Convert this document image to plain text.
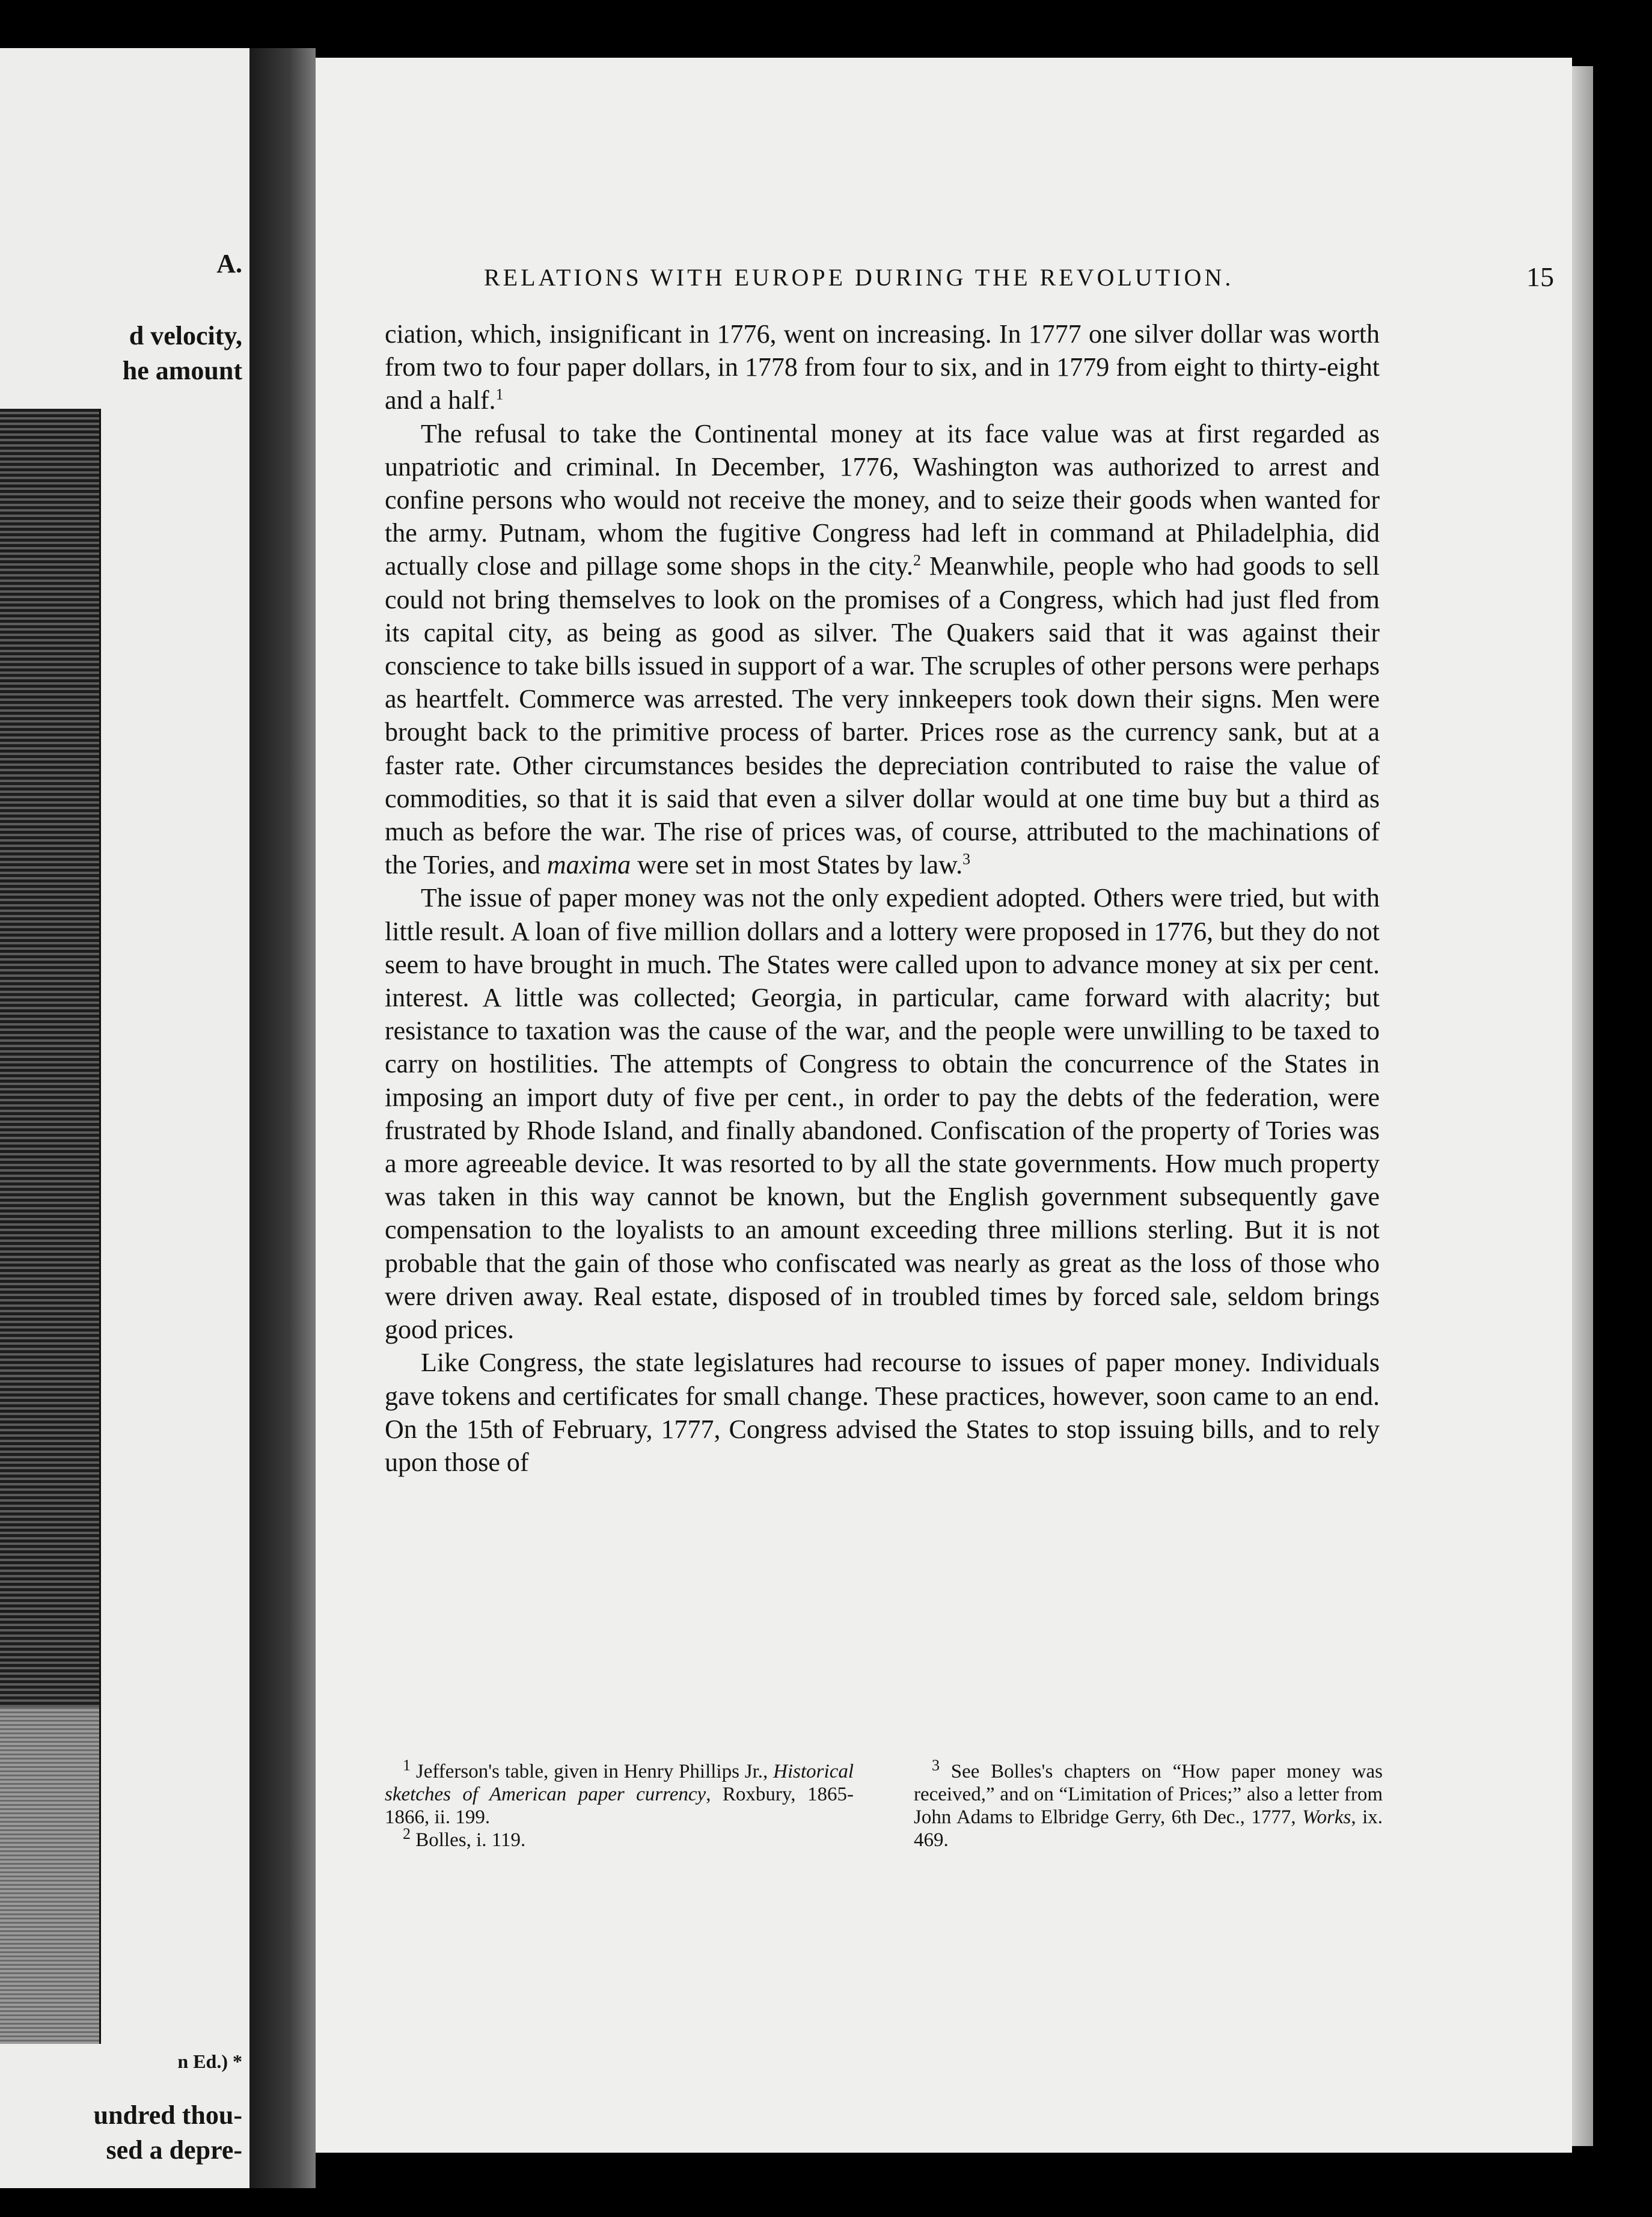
A.
d velocity,
he amount
n Ed.) *
undred thou-
sed a depre-
RELATIONS WITH EUROPE DURING THE REVOLUTION.	15

ciation, which, insignificant in 1776, went on increasing. In 1777 one silver dollar was worth from two to four paper dollars, in 1778 from four to six, and in 1779 from eight to thirty-eight and a half.$^1$

The refusal to take the Continental money at its face value was at first regarded as unpatriotic and criminal. In December, 1776, Washington was authorized to arrest and confine persons who would not receive the money, and to seize their goods when wanted for the army. Putnam, whom the fugitive Congress had left in command at Philadelphia, did actually close and pillage some shops in the city.$^2$ Meanwhile, people who had goods to sell could not bring themselves to look on the promises of a Congress, which had just fled from its capital city, as being as good as silver. The Quakers said that it was against their conscience to take bills issued in support of a war. The scruples of other persons were perhaps as heartfelt. Commerce was arrested. The very innkeepers took down their signs. Men were brought back to the primitive process of barter. Prices rose as the currency sank, but at a faster rate. Other circumstances besides the depreciation contributed to raise the value of commodities, so that it is said that even a silver dollar would at one time buy but a third as much as before the war. The rise of prices was, of course, attributed to the machinations of the Tories, and maxima were set in most States by law.$^3$

The issue of paper money was not the only expedient adopted. Others were tried, but with little result. A loan of five million dollars and a lottery were proposed in 1776, but they do not seem to have brought in much. The States were called upon to advance money at six per cent. interest. A little was collected; Georgia, in particular, came forward with alacrity; but resistance to taxation was the cause of the war, and the people were unwilling to be taxed to carry on hostilities. The attempts of Congress to obtain the concurrence of the States in imposing an import duty of five per cent., in order to pay the debts of the federation, were frustrated by Rhode Island, and finally abandoned. Confiscation of the property of Tories was a more agreeable device. It was resorted to by all the state governments. How much property was taken in this way cannot be known, but the English government subsequently gave compensation to the loyalists to an amount exceeding three millions sterling. But it is not probable that the gain of those who confiscated was nearly as great as the loss of those who were driven away. Real estate, disposed of in troubled times by forced sale, seldom brings good prices.

Like Congress, the state legislatures had recourse to issues of paper money. Individuals gave tokens and certificates for small change. These practices, however, soon came to an end. On the 15th of February, 1777, Congress advised the States to stop issuing bills, and to rely upon those of

$^1$ Jefferson's table, given in Henry Phillips Jr., Historical sketches of American paper currency, Roxbury, 1865-1866, ii. 199.

$^2$ Bolles, i. 119.

$^3$ See Bolles's chapters on “How paper money was received,” and on “Limitation of Prices;” also a letter from John Adams to Elbridge Gerry, 6th Dec., 1777, Works, ix. 469.
